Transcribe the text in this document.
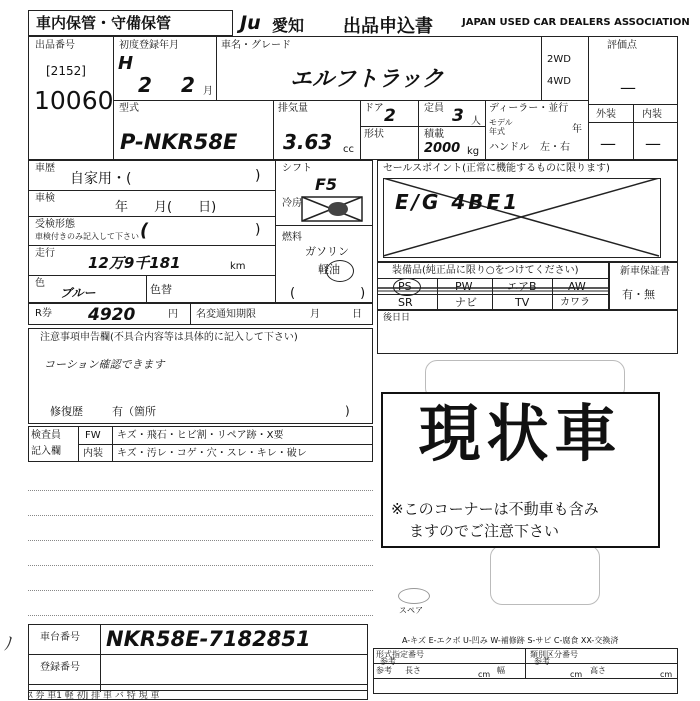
車内保管・守備保管	Ju 愛知 出品申込書	JAPAN USED CAR DEALERS ASSOCIATION
出品番号
[2152]
10060
初度登録年月
H
2 2 月
車名・グレード
エルフトラック
2WD
4WD
評価点
—
外装	内装
— —
型式
P-NKR58E
排気量
3.63 cc
ドア 2	定員 3 人
形状	積載
2000 kg
ディーラー・並行
モデル
年式	年
ハンドル 左・右
車歴
自家用・(	)
車検
年　　月(　　日)
受検形態
車検付きのみ記入して下さい (	)
走行
12万9千181	km
色
ブルー	色替
シフト
F5
冷房
燃料
ガソリン
軽油
(　　　　　)
セールスポイント(正常に機能するものに限ります)
E/G 4BE1
装備品(純正品に限り○をつけてください)
PS	PW	エアB	AW
SR	ナビ	TV	カワラ
新車保証書
有・無
後日日
R券 4920	円 名変通知期限	月	日
注意事項申告欄(不具合内容等は具体的に記入して下さい)
コーション確認できます
修復歴	有（箇所	)
検査員
記入欄
FW キズ・飛石・ヒビ割・リペア跡・X要
内装 キズ・汚レ・コゲ・穴・スレ・キレ・破レ
スペア
現状車
※このコーナーは不動車も含み
ますのでご注意下さい
ﾉ	車台番号 NKR58E-7182851
登録番号
A-キズ E-エクボ U-凹み W-補修跡 S-サビ C-腐食 XX-交換済
形式指定番号
参考
類別区分番号
参考
参考 長さ	cm 幅	cm 高さ	cm
ｽ 券 車1 軽 初J 排 車 バ 特 現 車
